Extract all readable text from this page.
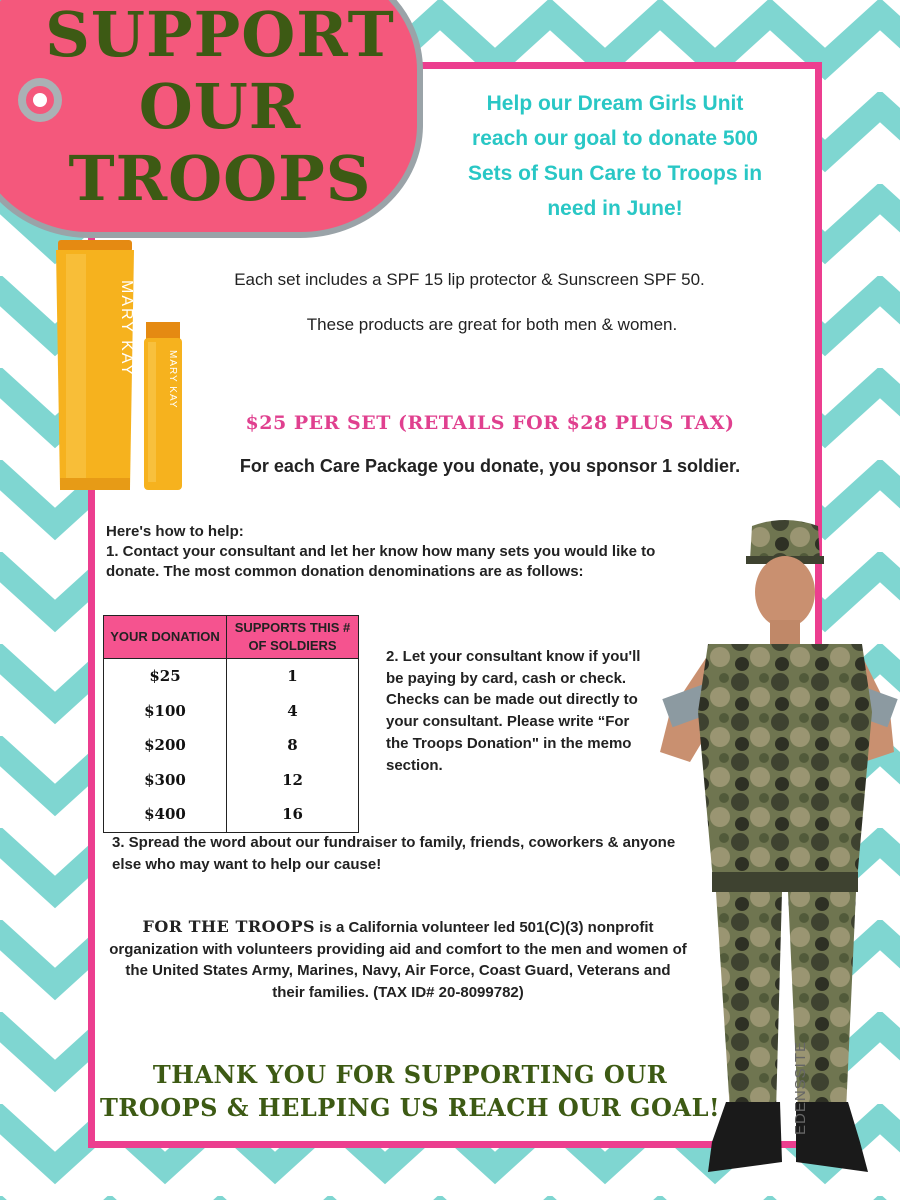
SUPPORT
OUR
TROOPS
Help our Dream Girls Unit
reach our goal to donate 500
Sets of Sun Care to Troops in
need in June!
MARY KAY
MARY KAY
Each set includes a SPF 15 lip protector & Sunscreen SPF 50.
These products are great for both men & women.
$25 PER SET (RETAILS FOR $28 PLUS TAX)
For each Care Package you donate, you sponsor 1 soldier.
Here's how to help:
1. Contact your consultant and let her know how many sets you would like to donate. The most common donation denominations are as follows:
YOUR DONATION	SUPPORTS THIS # OF SOLDIERS
$25	1
$100	4
$200	8
$300	12
$400	16
2. Let your consultant know if you'll be paying by card, cash or check. Checks can be made out directly to your consultant. Please write “For the Troops Donation" in the memo section.
3. Spread the word about our fundraiser to family, friends, coworkers & anyone else who may want to help our cause!
FOR THE TROOPS is a California volunteer led 501(C)(3) nonprofit organization with volunteers providing aid and comfort to the men and women of the United States Army, Marines, Navy, Air Force, Coast Guard, Veterans and their families. (TAX ID# 20-8099782)
THANK YOU FOR SUPPORTING OUR
TROOPS & HELPING US REACH OUR GOAL!	EDENSSITE
